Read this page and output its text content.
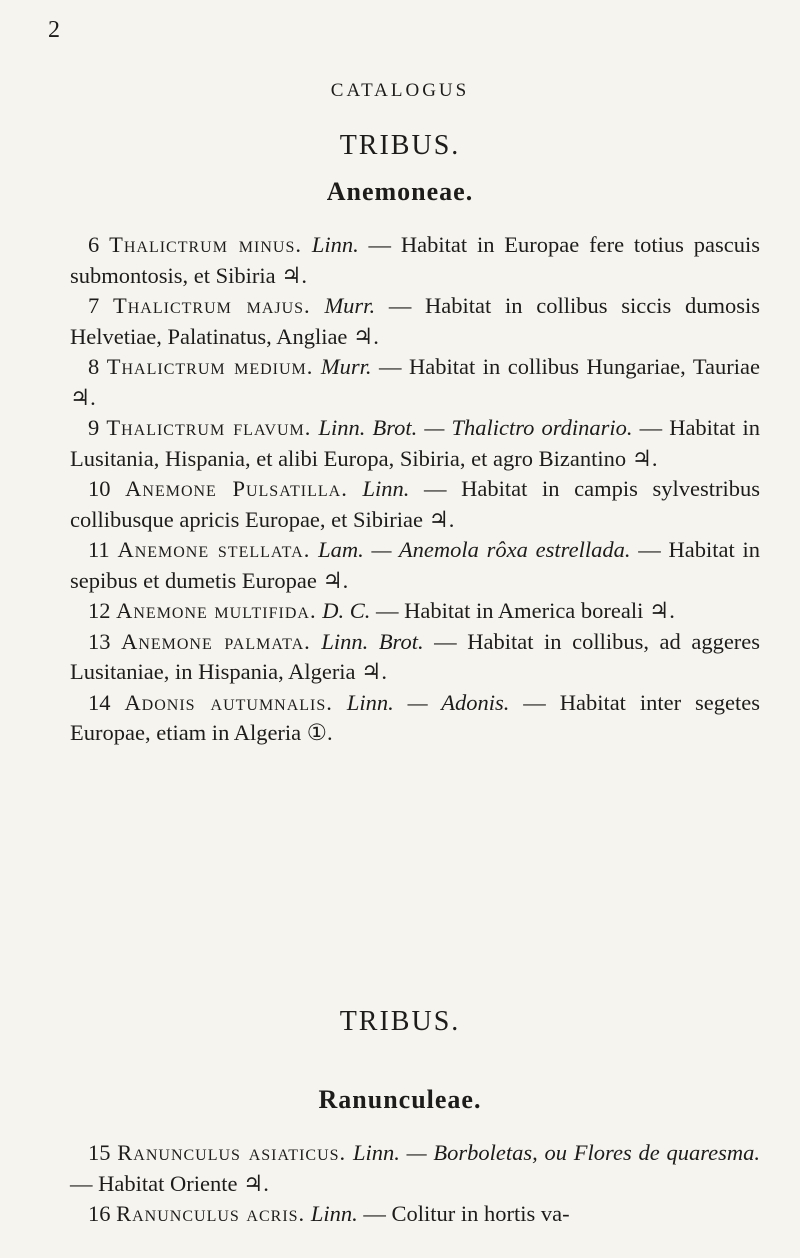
2
CATALOGUS
TRIBUS.
Anemoneae.

6 Thalictrum minus. Linn. — Habitat in Europae fere totius pascuis submontosis, et Sibiria ♃.

7 Thalictrum majus. Murr. — Habitat in collibus siccis dumosis Helvetiae, Palatinatus, Angliae ♃.

8 Thalictrum medium. Murr. — Habitat in collibus Hungariae, Tauriae ♃.

9 Thalictrum flavum. Linn. Brot. — Thalictro ordinario. — Habitat in Lusitania, Hispania, et alibi Europa, Sibiria, et agro Bizantino ♃.

10 Anemone Pulsatilla. Linn. — Habitat in campis sylvestribus collibusque apricis Europae, et Sibiriae ♃.

11 Anemone stellata. Lam. — Anemola rôxa estrellada. — Habitat in sepibus et dumetis Europae ♃.

12 Anemone multifida. D. C. — Habitat in America boreali ♃.

13 Anemone palmata. Linn. Brot. — Habitat in collibus, ad aggeres Lusitaniae, in Hispania, Algeria ♃.

14 Adonis autumnalis. Linn. — Adonis. — Habitat inter segetes Europae, etiam in Algeria ①.

TRIBUS.
Ranunculeae.

15 Ranunculus asiaticus. Linn. — Borboletas, ou Flores de quaresma. — Habitat Oriente ♃.

16 Ranunculus acris. Linn. — Colitur in hortis va-
